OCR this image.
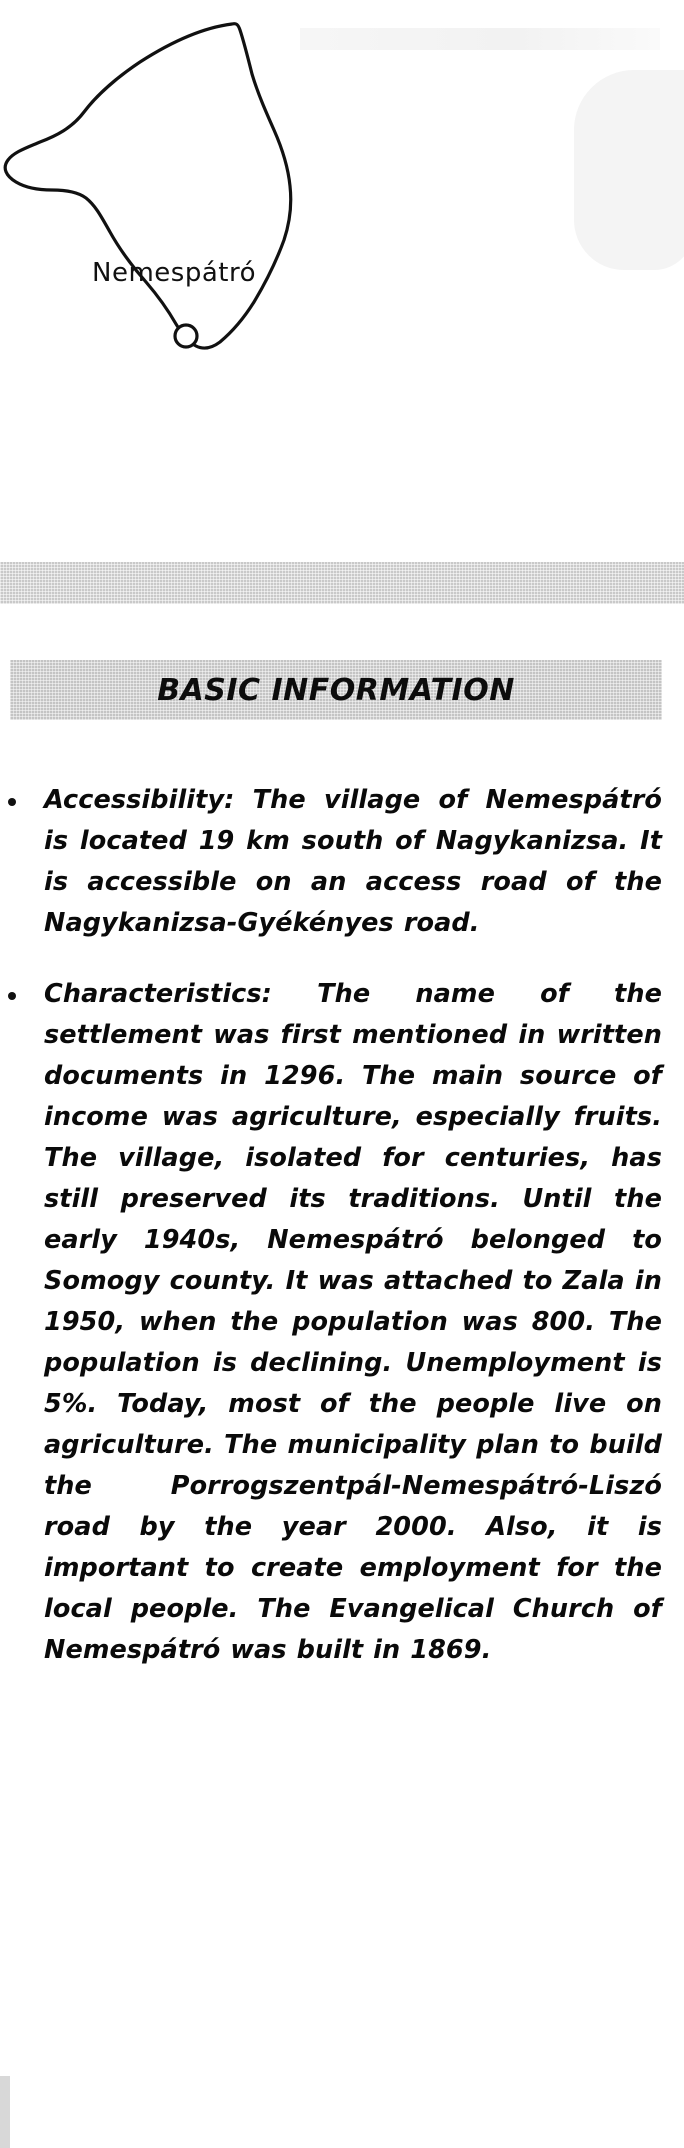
Nemespátró
BASIC INFORMATION

Accessibility: The village of Nemespátró is located 19 km south of Nagykanizsa. It is accessible on an access road of the Nagykanizsa-Gyékényes road.

Characteristics: The name of the settlement was first mentioned in written documents in 1296. The main source of income was agriculture, especially fruits. The village, isolated for centuries, has still preserved its traditions. Until the early 1940s, Nemespátró belonged to Somogy county. It was attached to Zala in 1950, when the population was 800. The population is declining. Unemployment is 5%. Today, most of the people live on agriculture. The municipality plan to build the Porrogszentpál-Nemespátró-Liszó road by the year 2000. Also, it is important to create employment for the local people. The Evangelical Church of Nemespátró was built in 1869.
